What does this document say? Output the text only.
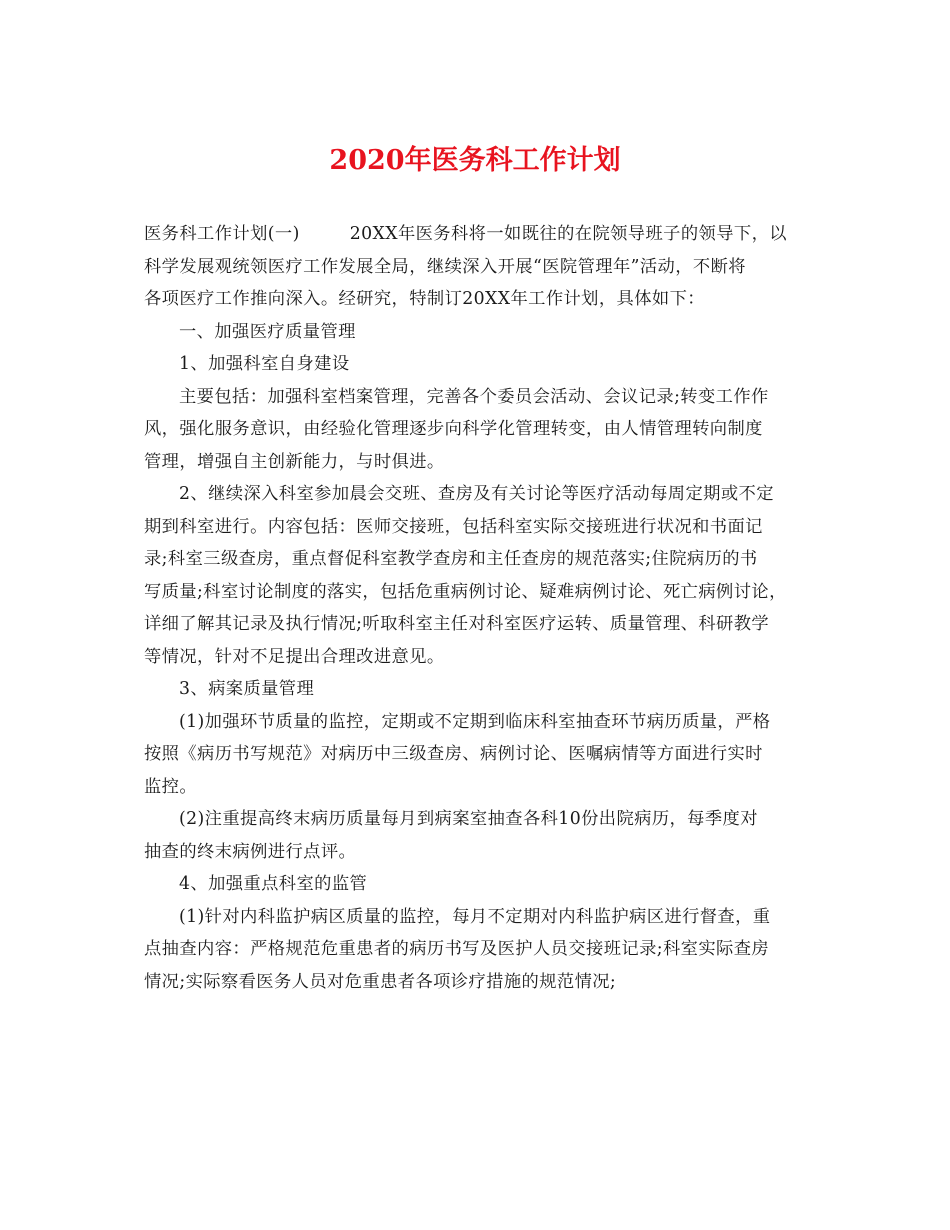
2020年医务科工作计划
医务科工作计划(一)	20XX年医务科将一如既往的在院领导班子的领导下，以
科学发展观统领医疗工作发展全局，继续深入开展“医院管理年”活动，不断将
各项医疗工作推向深入。经研究，特制订20XX年工作计划，具体如下：
一、加强医疗质量管理
1、加强科室自身建设
主要包括：加强科室档案管理，完善各个委员会活动、会议记录;转变工作作
风，强化服务意识，由经验化管理逐步向科学化管理转变，由人情管理转向制度
管理，增强自主创新能力，与时俱进。
2、继续深入科室参加晨会交班、查房及有关讨论等医疗活动每周定期或不定
期到科室进行。内容包括：医师交接班，包括科室实际交接班进行状况和书面记
录;科室三级查房，重点督促科室教学查房和主任查房的规范落实;住院病历的书
写质量;科室讨论制度的落实，包括危重病例讨论、疑难病例讨论、死亡病例讨论，
详细了解其记录及执行情况;听取科室主任对科室医疗运转、质量管理、科研教学
等情况，针对不足提出合理改进意见。
3、病案质量管理
(1)加强环节质量的监控，定期或不定期到临床科室抽查环节病历质量，严格
按照《病历书写规范》对病历中三级查房、病例讨论、医嘱病情等方面进行实时
监控。
(2)注重提高终末病历质量每月到病案室抽查各科10份出院病历，每季度对
抽查的终末病例进行点评。
4、加强重点科室的监管
(1)针对内科监护病区质量的监控，每月不定期对内科监护病区进行督查，重
点抽查内容：严格规范危重患者的病历书写及医护人员交接班记录;科室实际查房
情况;实际察看医务人员对危重患者各项诊疗措施的规范情况;
